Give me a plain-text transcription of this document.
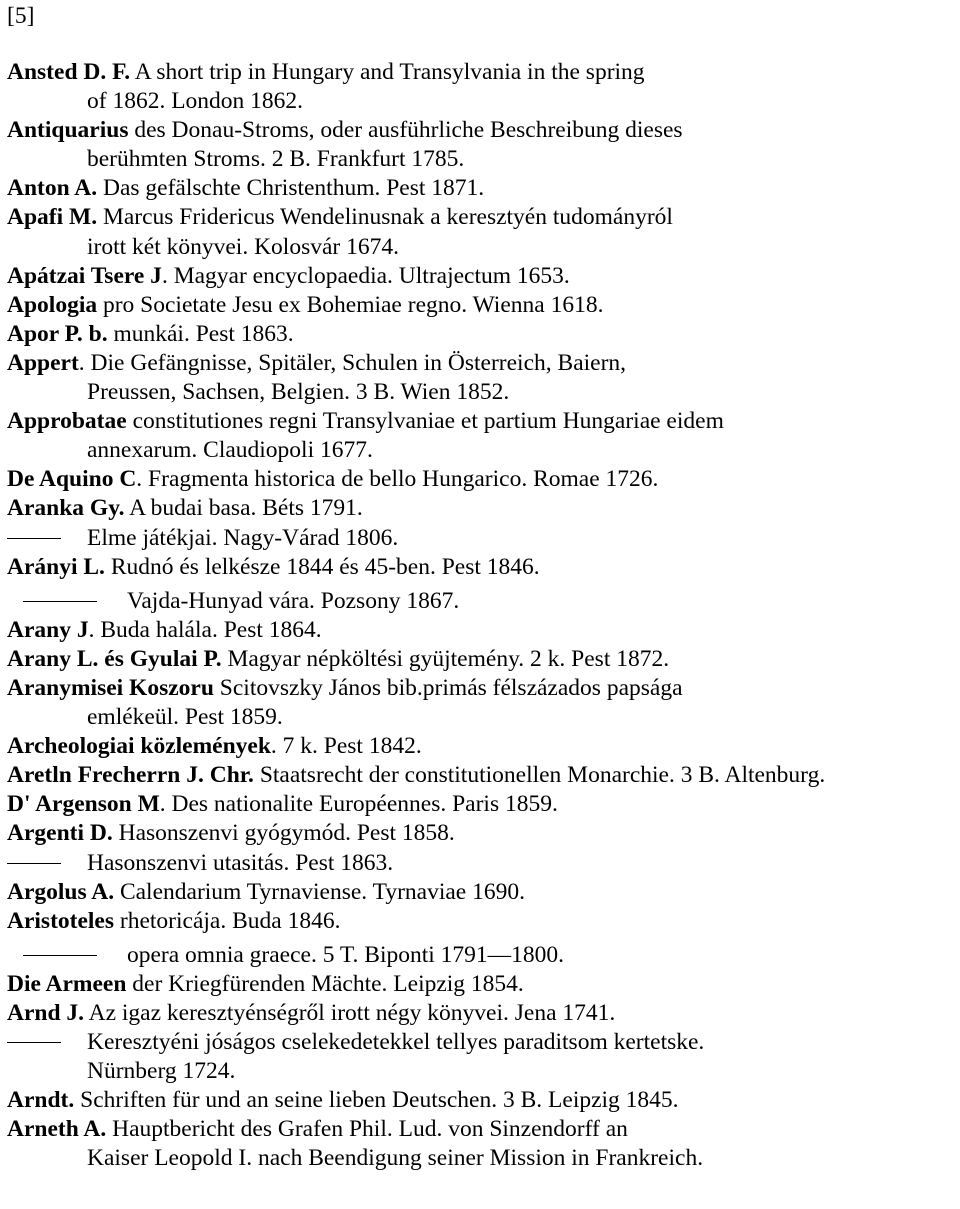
[5]
Ansted D. F. A short trip in Hungary and Transylvania in the spring
of 1862. London 1862.
Antiquarius des Donau-Stroms, oder ausführliche Beschreibung dieses
berühmten Stroms. 2 B. Frankfurt 1785.
Anton A. Das gefälschte Christenthum. Pest 1871.
Apafi M. Marcus Fridericus Wendelinusnak a keresztyén tudományról
irott két könyvei. Kolosvár 1674.
Apátzai Tsere J. Magyar encyclopaedia. Ultrajectum 1653.
Apologia pro Societate Jesu ex Bohemiae regno. Wienna 1618.
Apor P. b. munkái. Pest 1863.
Appert. Die Gefängnisse, Spitäler, Schulen in Österreich, Baiern,
Preussen, Sachsen, Belgien. 3 B. Wien 1852.
Approbatae constitutiones regni Transylvaniae et partium Hungariae eidem
annexarum. Claudiopoli 1677.
De Aquino C. Fragmenta historica de bello Hungarico. Romae 1726.
Aranka Gy. A budai basa. Béts 1791.
Elme játékjai. Nagy-Várad 1806.
Arányi L. Rudnó és lelkésze 1844 és 45-ben. Pest 1846.
Vajda-Hunyad vára. Pozsony 1867.
Arany J. Buda halála. Pest 1864.
Arany L. és Gyulai P. Magyar népköltési gyüjtemény. 2 k. Pest 1872.
Aranymisei Koszoru Scitovszky János bib.primás félszázados papsága
emlékeül. Pest 1859.
Archeologiai közlemények. 7 k. Pest 1842.
Aretln Frecherrn J. Chr. Staatsrecht der constitutionellen Monarchie. 3 B. Altenburg.
D' Argenson M. Des nationalite Européennes. Paris 1859.
Argenti D. Hasonszenvi gyógymód. Pest 1858.
Hasonszenvi utasitás. Pest 1863.
Argolus A. Calendarium Tyrnaviense. Tyrnaviae 1690.
Aristoteles rhetoricája. Buda 1846.
opera omnia graece. 5 T. Biponti 1791—1800.
Die Armeen der Kriegfürenden Mächte. Leipzig 1854.
Arnd J. Az igaz keresztyénségről irott négy könyvei. Jena 1741.
Keresztyéni jóságos cselekedetekkel tellyes paraditsom kertetske.
Nürnberg 1724.
Arndt. Schriften für und an seine lieben Deutschen. 3 B. Leipzig 1845.
Arneth A. Hauptbericht des Grafen Phil. Lud. von Sinzendorff an
Kaiser Leopold I. nach Beendigung seiner Mission in Frankreich.
